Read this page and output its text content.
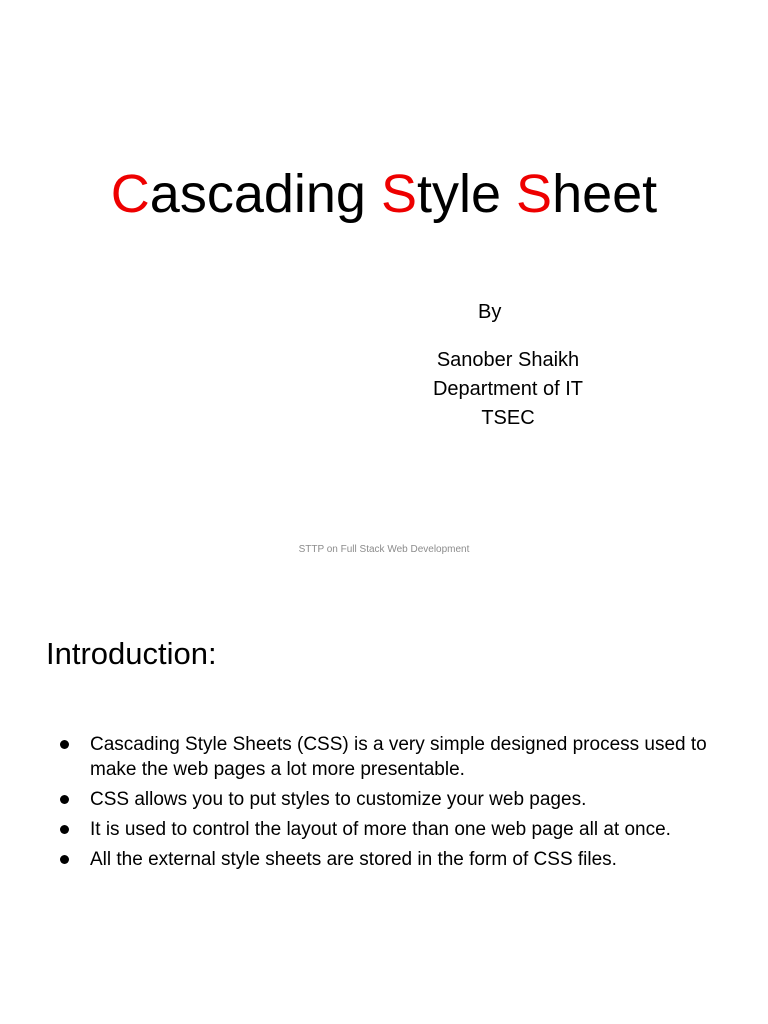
Cascading Style Sheet
By
Sanober Shaikh
Department of IT
TSEC
STTP on Full Stack Web Development
Introduction:
Cascading Style Sheets (CSS) is a very simple designed process used to make the web pages a lot more presentable.
CSS allows you to put styles to customize your web pages.
It is used to control the layout of more than one web page all at once.
All the external style sheets are stored in the form of CSS files.
